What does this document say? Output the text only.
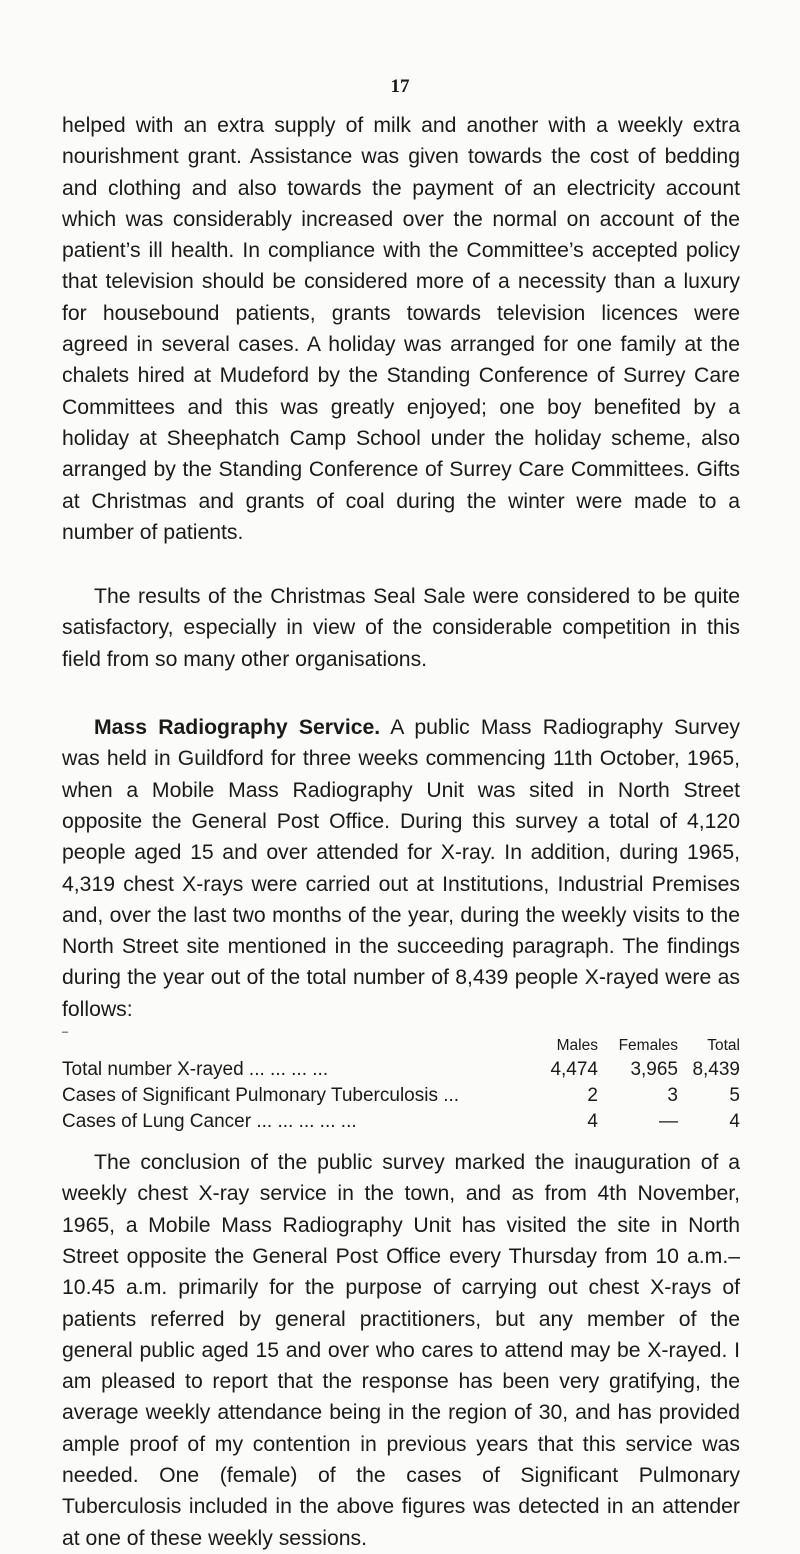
17

helped with an extra supply of milk and another with a weekly extra nourishment grant. Assistance was given towards the cost of bedding and clothing and also towards the payment of an electricity account which was considerably increased over the normal on account of the patient’s ill health. In compliance with the Committee’s accepted policy that television should be considered more of a necessity than a luxury for housebound patients, grants towards television licences were agreed in several cases. A holiday was arranged for one family at the chalets hired at Mudeford by the Standing Conference of Surrey Care Committees and this was greatly enjoyed; one boy benefited by a holiday at Sheephatch Camp School under the holiday scheme, also arranged by the Standing Conference of Surrey Care Committees. Gifts at Christmas and grants of coal during the winter were made to a number of patients.

The results of the Christmas Seal Sale were considered to be quite satisfactory, especially in view of the considerable competition in this field from so many other organisations.

Mass Radiography Service. A public Mass Radiography Survey was held in Guildford for three weeks commencing 11th October, 1965, when a Mobile Mass Radiography Unit was sited in North Street opposite the General Post Office. During this survey a total of 4,120 people aged 15 and over attended for X-ray. In addition, during 1965, 4,319 chest X-rays were carried out at Institutions, Industrial Premises and, over the last two months of the year, during the weekly visits to the North Street site mentioned in the succeeding paragraph. The findings during the year out of the total number of 8,439 people X-rayed were as follows:

‒
	Males	Females	Total
Total number X-rayed ... ... ... ...	4,474	3,965	8,439
Cases of Significant Pulmonary Tuberculosis ...	2	3	5
Cases of Lung Cancer ... ... ... ... ...	4	—	4

The conclusion of the public survey marked the inauguration of a weekly chest X-ray service in the town, and as from 4th November, 1965, a Mobile Mass Radiography Unit has visited the site in North Street opposite the General Post Office every Thursday from 10 a.m.–10.45 a.m. primarily for the purpose of carrying out chest X-rays of patients referred by general practitioners, but any member of the general public aged 15 and over who cares to attend may be X-rayed. I am pleased to report that the response has been very gratifying, the average weekly attendance being in the region of 30, and has provided ample proof of my contention in previous years that this service was needed. One (female) of the cases of Significant Pulmonary Tuberculosis included in the above figures was detected in an attender at one of these weekly sessions.
